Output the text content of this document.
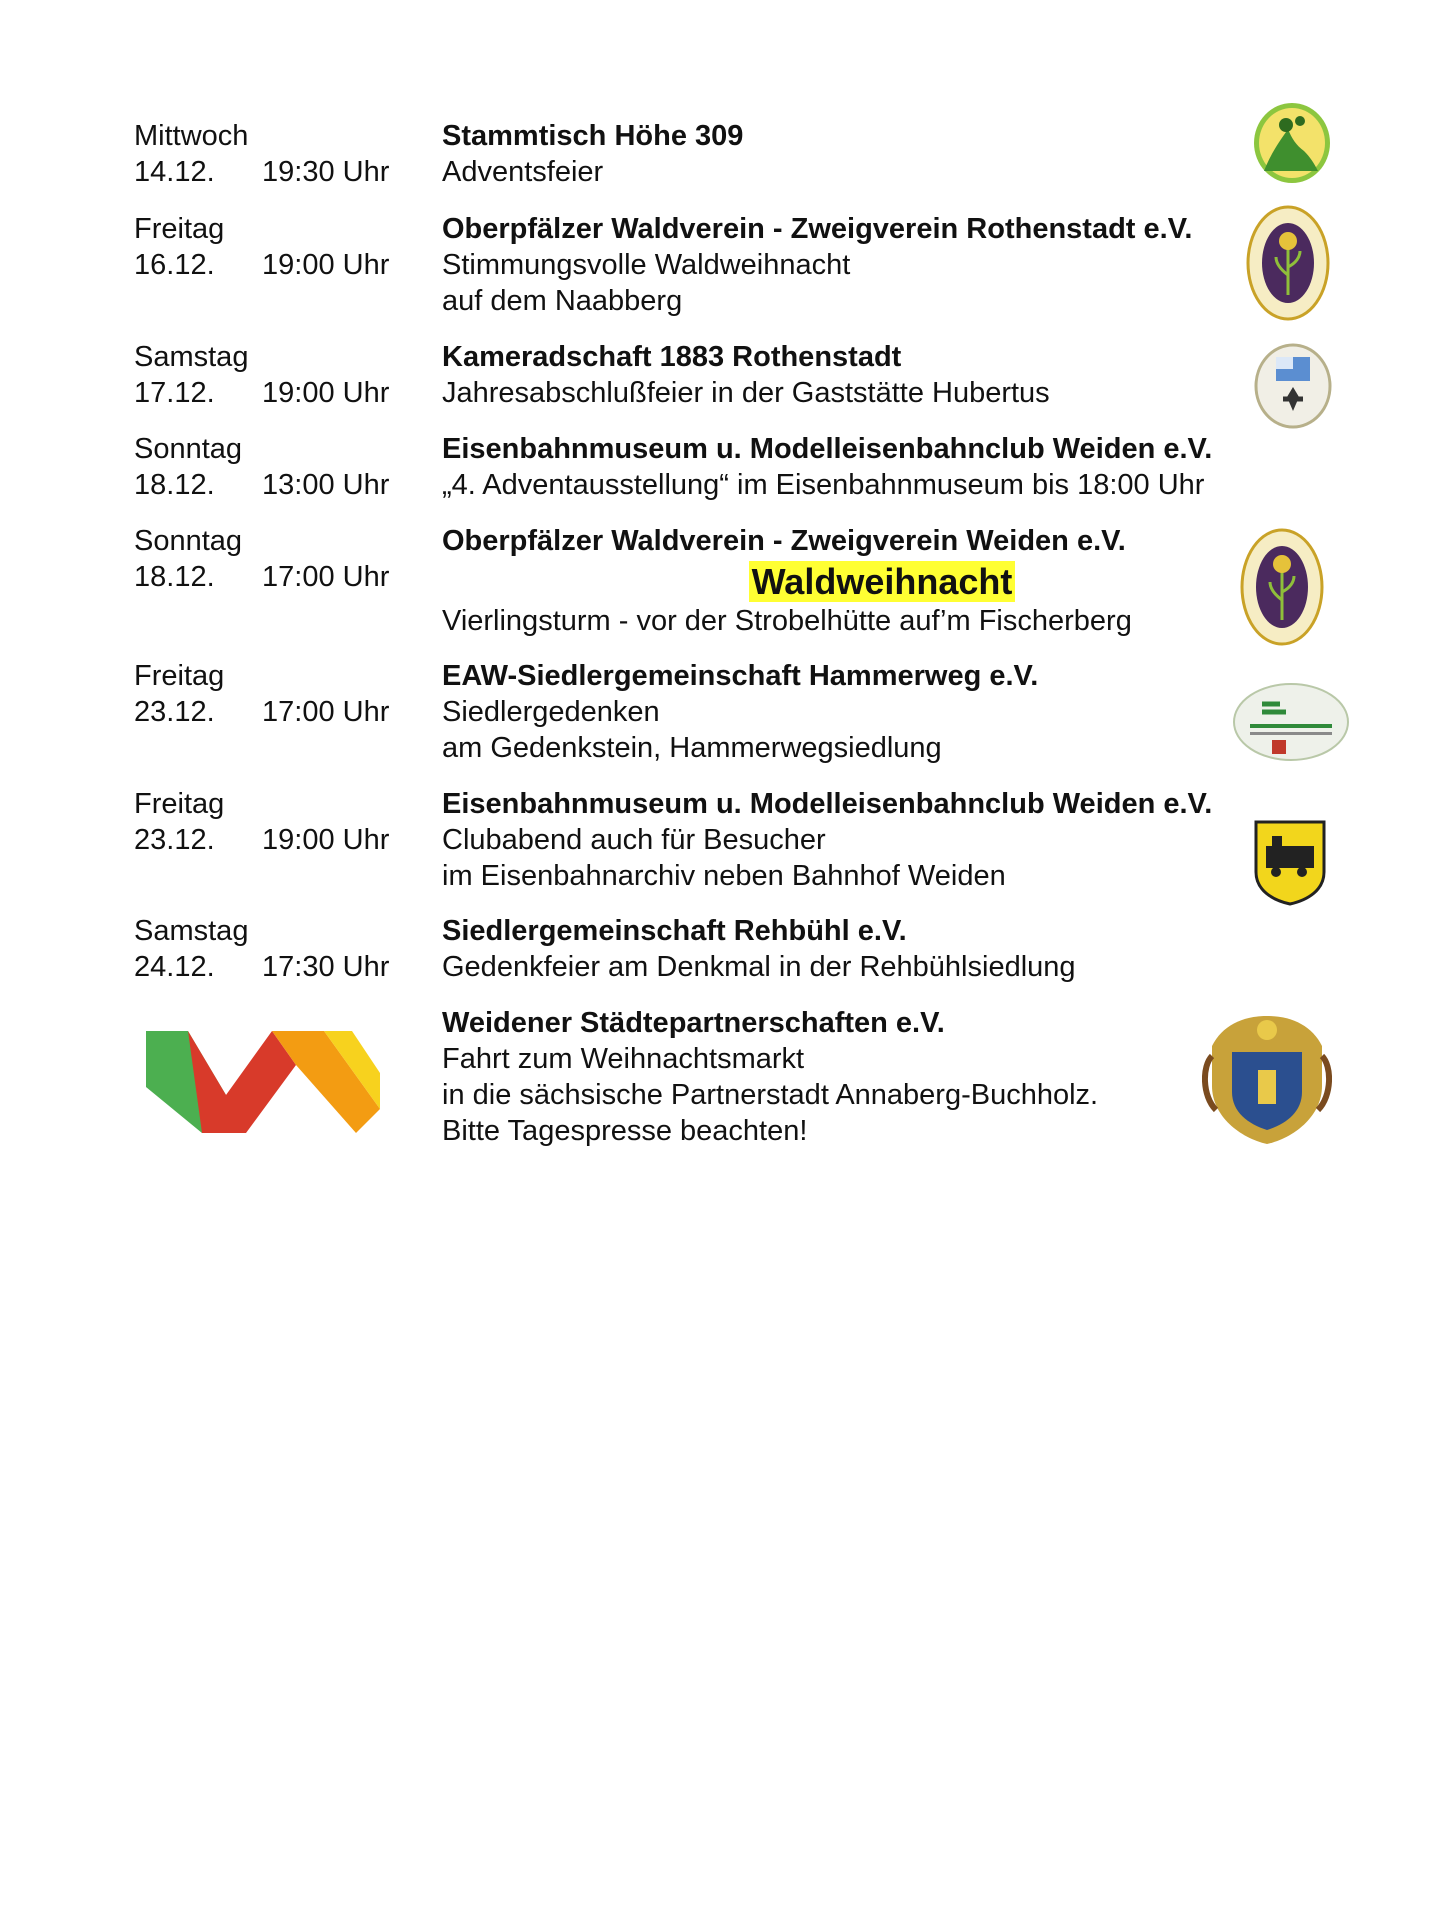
Mittwoch
14.12. 19:30 Uhr
Stammtisch Höhe 309
Adventsfeier
Freitag
16.12. 19:00 Uhr
Oberpfälzer Waldverein - Zweigverein Rothenstadt e.V.
Stimmungsvolle Waldweihnacht
auf dem Naabberg
Samstag
17.12. 19:00 Uhr
Kameradschaft 1883 Rothenstadt
Jahresabschlußfeier in der Gaststätte Hubertus
Sonntag
18.12. 13:00 Uhr
Eisenbahnmuseum u. Modelleisenbahnclub Weiden e.V.
„4. Adventausstellung“ im Eisenbahnmuseum bis 18:00 Uhr
Sonntag
18.12. 17:00 Uhr
Oberpfälzer Waldverein - Zweigverein Weiden e.V.
Waldweihnacht
Vierlingsturm - vor der Strobelhütte auf’m Fischerberg
Freitag
23.12. 17:00 Uhr
EAW-Siedlergemeinschaft Hammerweg e.V.
Siedlergedenken
am Gedenkstein, Hammerwegsiedlung
Freitag
23.12. 19:00 Uhr
Eisenbahnmuseum u. Modelleisenbahnclub Weiden e.V.
Clubabend auch für Besucher
im Eisenbahnarchiv neben Bahnhof Weiden
Samstag
24.12. 17:30 Uhr
Siedlergemeinschaft Rehbühl e.V.
Gedenkfeier am Denkmal in der Rehbühlsiedlung
Weidener Städtepartnerschaften e.V.
Fahrt zum Weihnachtsmarkt
in die sächsische Partnerstadt Annaberg-Buchholz.
Bitte Tagespresse beachten!
